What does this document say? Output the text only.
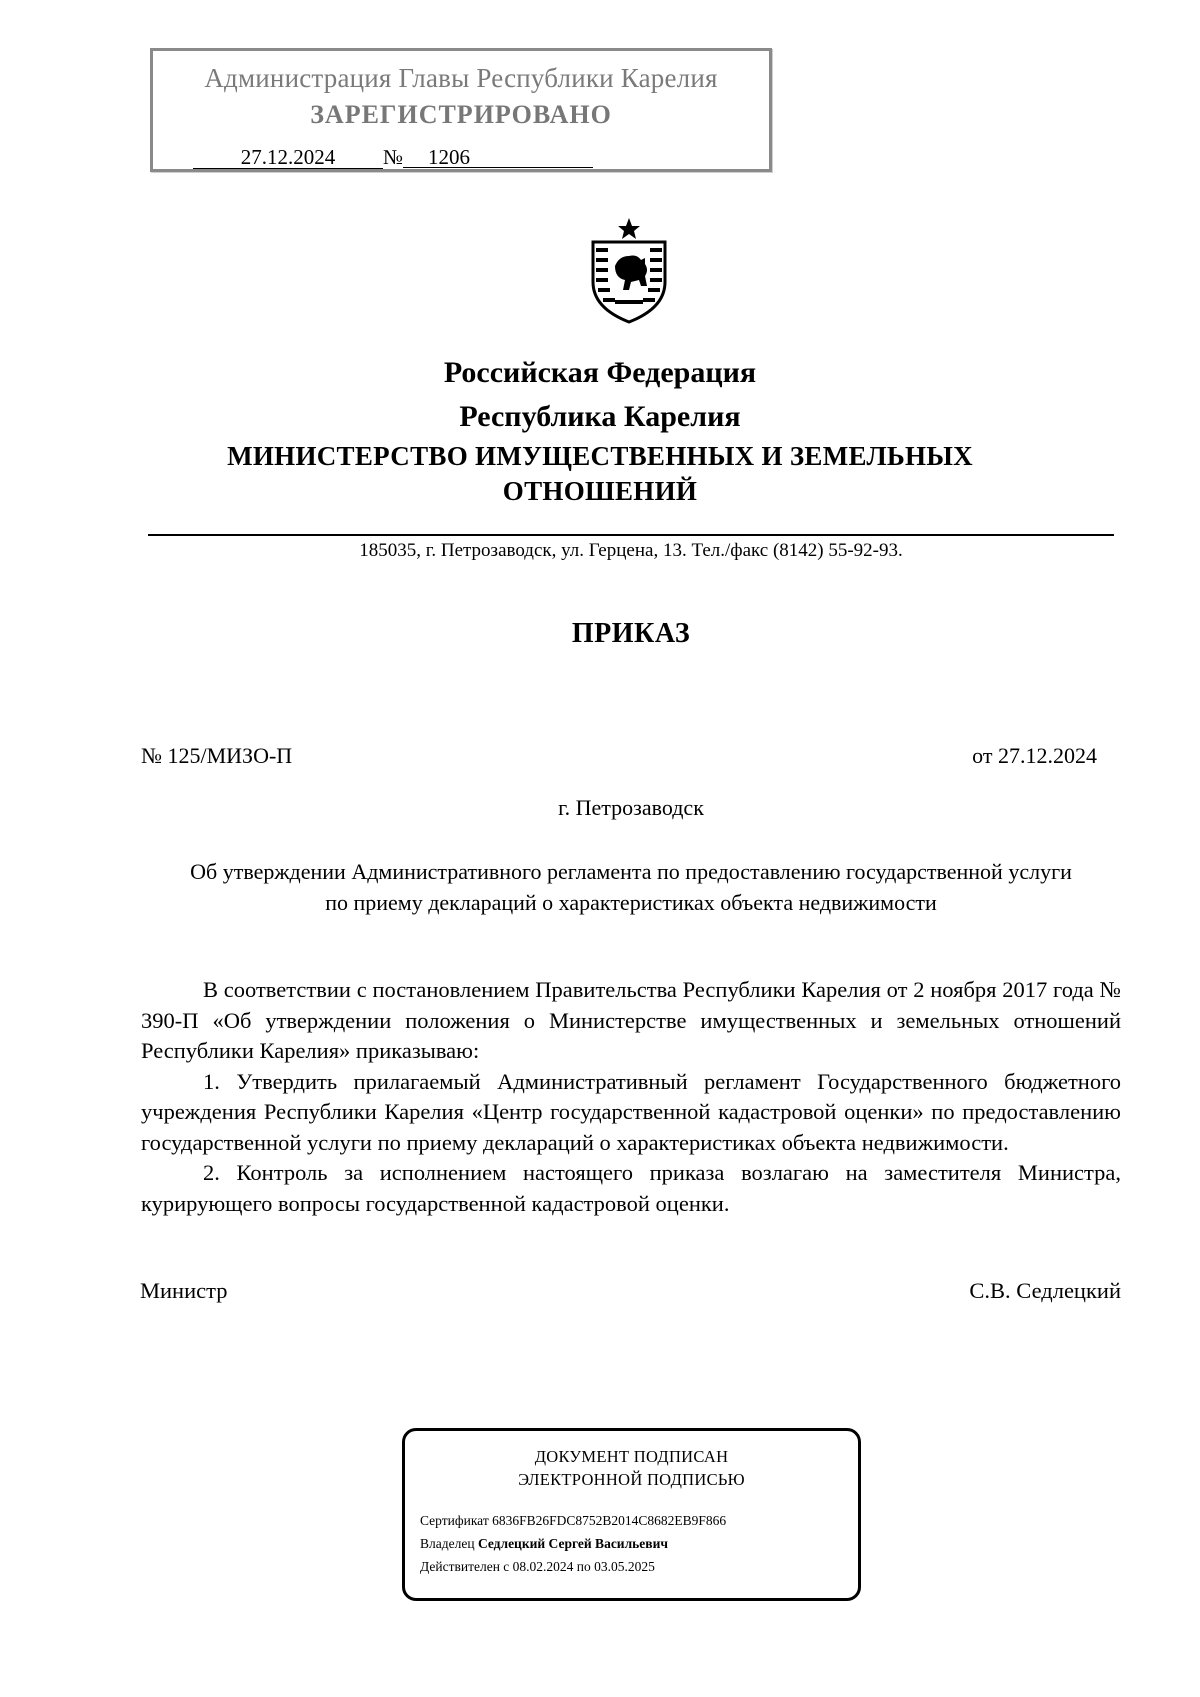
Администрация Главы Республики Карелия
ЗАРЕГИСТРИРОВАНО
27.12.2024 № 1206
Российская Федерация
Республика Карелия
МИНИСТЕРСТВО ИМУЩЕСТВЕННЫХ И ЗЕМЕЛЬНЫХ
ОТНОШЕНИЙ
185035, г. Петрозаводск, ул. Герцена, 13. Тел./факс (8142) 55-92-93.
ПРИКАЗ
№ 125/МИЗО-П	от 27.12.2024
г. Петрозаводск
Об утверждении Административного регламента по предоставлению государственной услуги по приему деклараций о характеристиках объекта недвижимости

В соответствии с постановлением Правительства Республики Карелия от 2 ноября 2017 года № 390-П «Об утверждении положения о Министерстве имущественных и земельных отношений Республики Карелия» приказываю:

1. Утвердить прилагаемый Административный регламент Государственного бюджетного учреждения Республики Карелия «Центр государственной кадастровой оценки» по предоставлению государственной услуги по приему деклараций о характеристиках объекта недвижимости.

2. Контроль за исполнением настоящего приказа возлагаю на заместителя Министра, курирующего вопросы государственной кадастровой оценки.

Министр	С.В. Седлецкий
ДОКУМЕНТ ПОДПИСАН
ЭЛЕКТРОННОЙ ПОДПИСЬЮ
Сертификат 6836FB26FDC8752B2014C8682EB9F866
Владелец Седлецкий Сергей Васильевич
Действителен с 08.02.2024 по 03.05.2025
